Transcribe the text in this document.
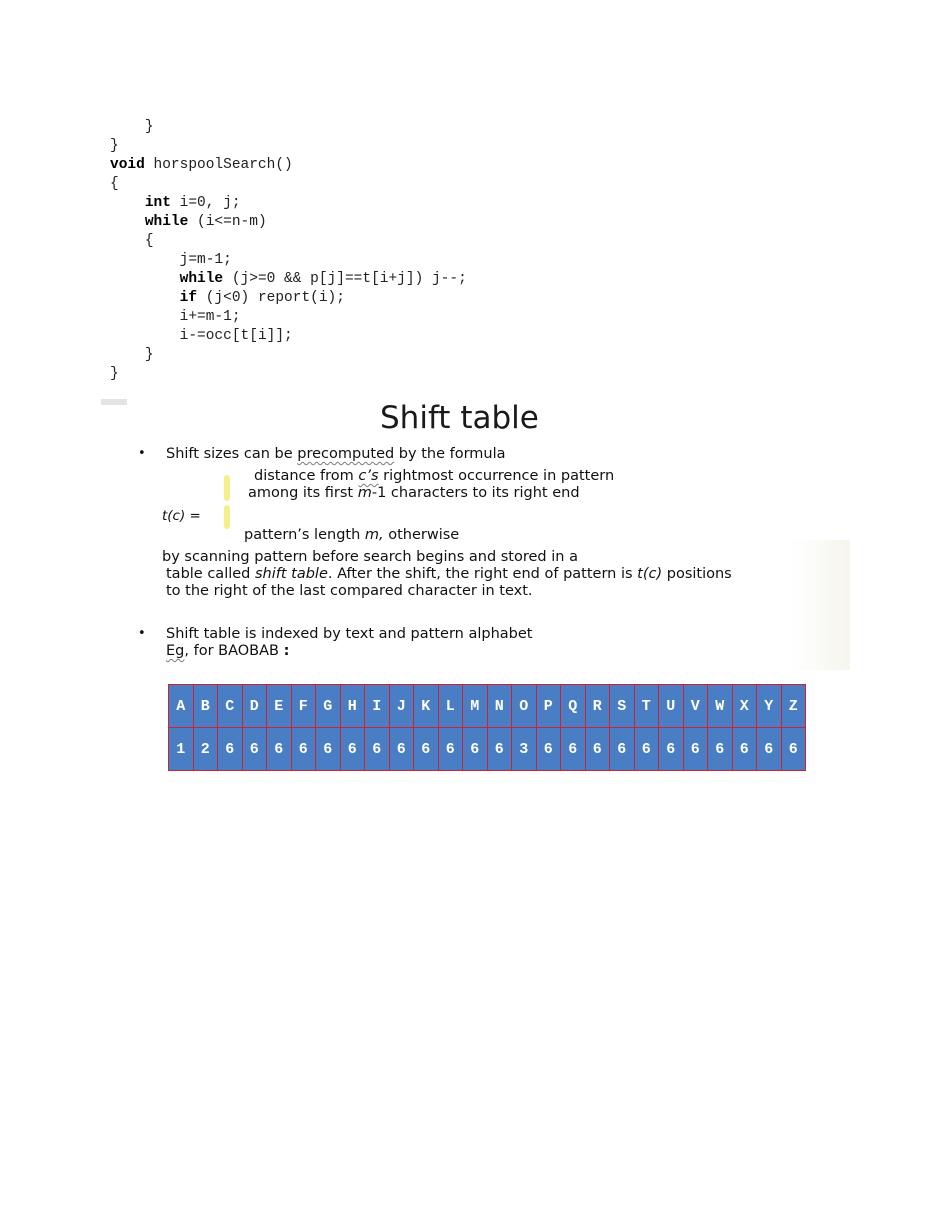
}
}
void horspoolSearch()
{
int i=0, j;
while (i<=n-m)
{
j=m-1;
while (j>=0 && p[j]==t[i+j]) j--;
if (j<0) report(i);
i+=m-1;
i-=occ[t[i]];
}
}
Shift table
• Shift sizes can be precomputed by the formula
distance from c’s rightmost occurrence in pattern
among its first m-1 characters to its right end
t(c) =
pattern’s length m, otherwise
by scanning pattern before search begins and stored in a
table called shift table. After the shift, the right end of pattern is t(c) positions
to the right of the last compared character in text.
• Shift table is indexed by text and pattern alphabet
Eg, for BAOBAB :
A	B	C	D	E	F	G	H	I	J	K	L	M	N	O	P	Q	R	S	T	U	V	W	X	Y	Z
1	2	6	6	6	6	6	6	6	6	6	6	6	6	3	6	6	6	6	6	6	6	6	6	6	6
